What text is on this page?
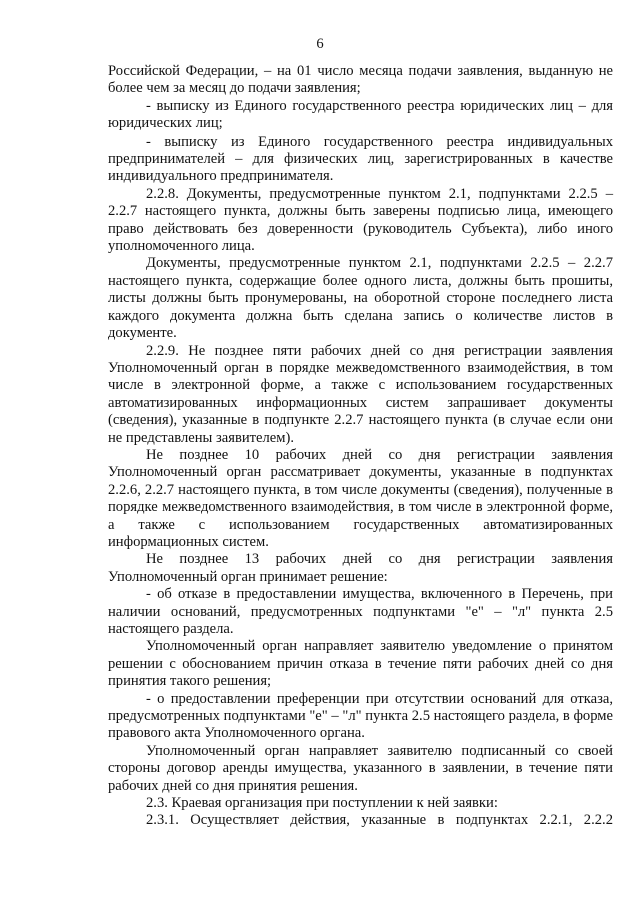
6

Российской Федерации, – на 01 число месяца подачи заявления, выданную не более чем за месяц до подачи заявления;

- выписку из Единого государственного реестра юридических лиц – для юридических лиц;

- выписку из Единого государственного реестра индивидуальных предпринимателей – для физических лиц, зарегистрированных в качестве индивидуального предпринимателя.

2.2.8. Документы, предусмотренные пунктом 2.1, подпунктами 2.2.5 – 2.2.7 настоящего пункта, должны быть заверены подписью лица, имеющего право действовать без доверенности (руководитель Субъекта), либо иного уполномоченного лица.

Документы, предусмотренные пунктом 2.1, подпунктами 2.2.5 – 2.2.7 настоящего пункта, содержащие более одного листа, должны быть прошиты, листы должны быть пронумерованы, на оборотной стороне последнего листа каждого документа должна быть сделана запись о количестве листов в документе.

2.2.9. Не позднее пяти рабочих дней со дня регистрации заявления Уполномоченный орган в порядке межведомственного взаимодействия, в том числе в электронной форме, а также с использованием государственных автоматизированных информационных систем запрашивает документы (сведения), указанные в подпункте 2.2.7 настоящего пункта (в случае если они не представлены заявителем).

Не позднее 10 рабочих дней со дня регистрации заявления Уполномоченный орган рассматривает документы, указанные в подпунктах 2.2.6, 2.2.7 настоящего пункта, в том числе документы (сведения), полученные в порядке межведомственного взаимодействия, в том числе в электронной форме, а также с использованием государственных автоматизированных информационных систем.

Не позднее 13 рабочих дней со дня регистрации заявления Уполномоченный орган принимает решение:

- об отказе в предоставлении имущества, включенного в Перечень, при наличии оснований, предусмотренных подпунктами "е" – "л" пункта 2.5 настоящего раздела.

Уполномоченный орган направляет заявителю уведомление о принятом решении с обоснованием причин отказа в течение пяти рабочих дней со дня принятия такого решения;

- о предоставлении преференции при отсутствии оснований для отказа, предусмотренных подпунктами "е" – "л" пункта 2.5 настоящего раздела, в форме правового акта Уполномоченного органа.

Уполномоченный орган направляет заявителю подписанный со своей стороны договор аренды имущества, указанного в заявлении, в течение пяти рабочих дней со дня принятия решения.

2.3. Краевая организация при поступлении к ней заявки:

2.3.1. Осуществляет действия, указанные в подпунктах 2.2.1, 2.2.2
